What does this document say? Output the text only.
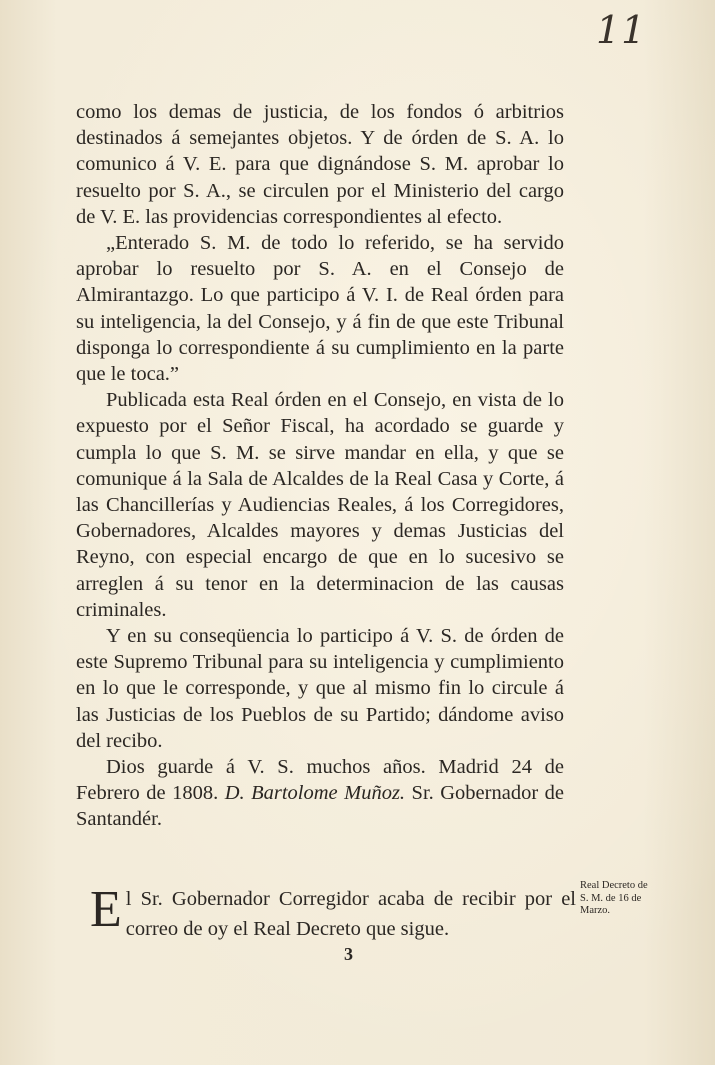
11

como los demas de justicia, de los fondos ó arbitrios destinados á semejantes objetos. Y de órden de S. A. lo comunico á V. E. para que dignándose S. M. aprobar lo resuelto por S. A., se circulen por el Ministerio del cargo de V. E. las providencias correspondientes al efecto.

„Enterado S. M. de todo lo referido, se ha servido aprobar lo resuelto por S. A. en el Consejo de Almirantazgo. Lo que participo á V. I. de Real órden para su inteligencia, la del Consejo, y á fin de que este Tribunal disponga lo correspondiente á su cumplimiento en la parte que le toca.”

Publicada esta Real órden en el Consejo, en vista de lo expuesto por el Señor Fiscal, ha acordado se guarde y cumpla lo que S. M. se sirve mandar en ella, y que se comunique á la Sala de Alcaldes de la Real Casa y Corte, á las Chancillerías y Audiencias Reales, á los Corregidores, Gobernadores, Alcaldes mayores y demas Justicias del Reyno, con especial encargo de que en lo sucesivo se arreglen á su tenor en la determinacion de las causas criminales.

Y en su conseqüencia lo participo á V. S. de órden de este Supremo Tribunal para su inteligencia y cumplimiento en lo que le corresponde, y que al mismo fin lo circule á las Justicias de los Pueblos de su Partido; dándome aviso del recibo.

Dios guarde á V. S. muchos años. Madrid 24 de Febrero de 1808. D. Bartolome Muñoz. Sr. Gobernador de Santandér.

El Sr. Gobernador Corregidor acaba de recibir por el correo de oy el Real Decreto que sigue.
Real Decreto de
S. M. de 16 de
Marzo.
3
